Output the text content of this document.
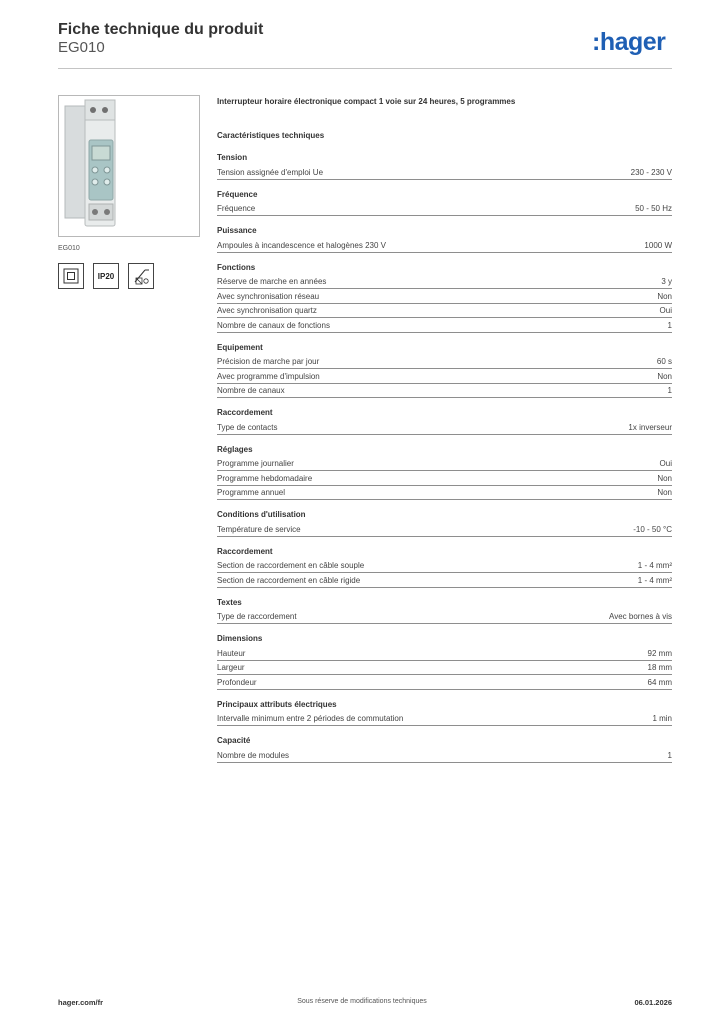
Fiche technique du produit
EG010	:hager
EG010
IP20
Interrupteur horaire électronique compact 1 voie sur 24 heures, 5 programmes
Caractéristiques techniques
Tension
Tension assignée d'emploi Ue	230 - 230 V
Fréquence
Fréquence	50 - 50 Hz
Puissance
Ampoules à incandescence et halogènes 230 V	1000 W
Fonctions
Réserve de marche en années	3 y
Avec synchronisation réseau	Non
Avec synchronisation quartz	Oui
Nombre de canaux de fonctions	1
Equipement
Précision de marche par jour	60 s
Avec programme d'impulsion	Non
Nombre de canaux	1
Raccordement
Type de contacts	1x inverseur
Réglages
Programme journalier	Oui
Programme hebdomadaire	Non
Programme annuel	Non
Conditions d'utilisation
Température de service	-10 - 50 °C
Raccordement
Section de raccordement en câble souple	1 - 4 mm²
Section de raccordement en câble rigide	1 - 4 mm²
Textes
Type de raccordement	Avec bornes à vis
Dimensions
Hauteur	92 mm
Largeur	18 mm
Profondeur	64 mm
Principaux attributs électriques
Intervalle minimum entre 2 périodes de commutation	1 min
Capacité
Nombre de modules	1
hager.com/fr	Sous réserve de modifications techniques	06.01.2026
